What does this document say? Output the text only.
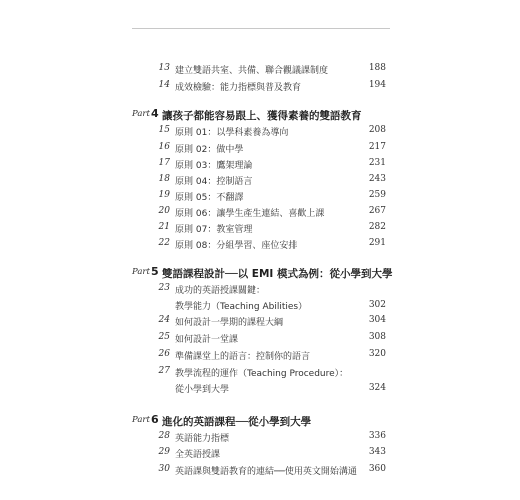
13 建立雙語共室、共備、聯合觀議課制度	188
14 成效檢驗：能力指標與普及教育	194
Part 4 讓孩子都能容易跟上、獲得素養的雙語教育
15 原則 01：以學科素養為導向	208
16 原則 02：做中學	217
17 原則 03：鷹架理論	231
18 原則 04：控制語言	243
19 原則 05：不翻譯	259
20 原則 06：讓學生產生連結、喜歡上課	267
21 原則 07：教室管理	282
22 原則 08：分組學習、座位安排	291
Part 5 雙語課程設計──以 EMI 模式為例：從小學到大學
23 成功的英語授課關鍵：
教學能力（Teaching Abilities）	302
24 如何設計一學期的課程大綱	304
25 如何設計一堂課	308
26 準備課堂上的語言：控制你的語言	320
27 教學流程的運作（Teaching Procedure）：
從小學到大學	324
Part 6 進化的英語課程──從小學到大學
28 英語能力指標	336
29 全英語授課	343
30 英語課與雙語教育的連結──使用英文開始溝通	360
